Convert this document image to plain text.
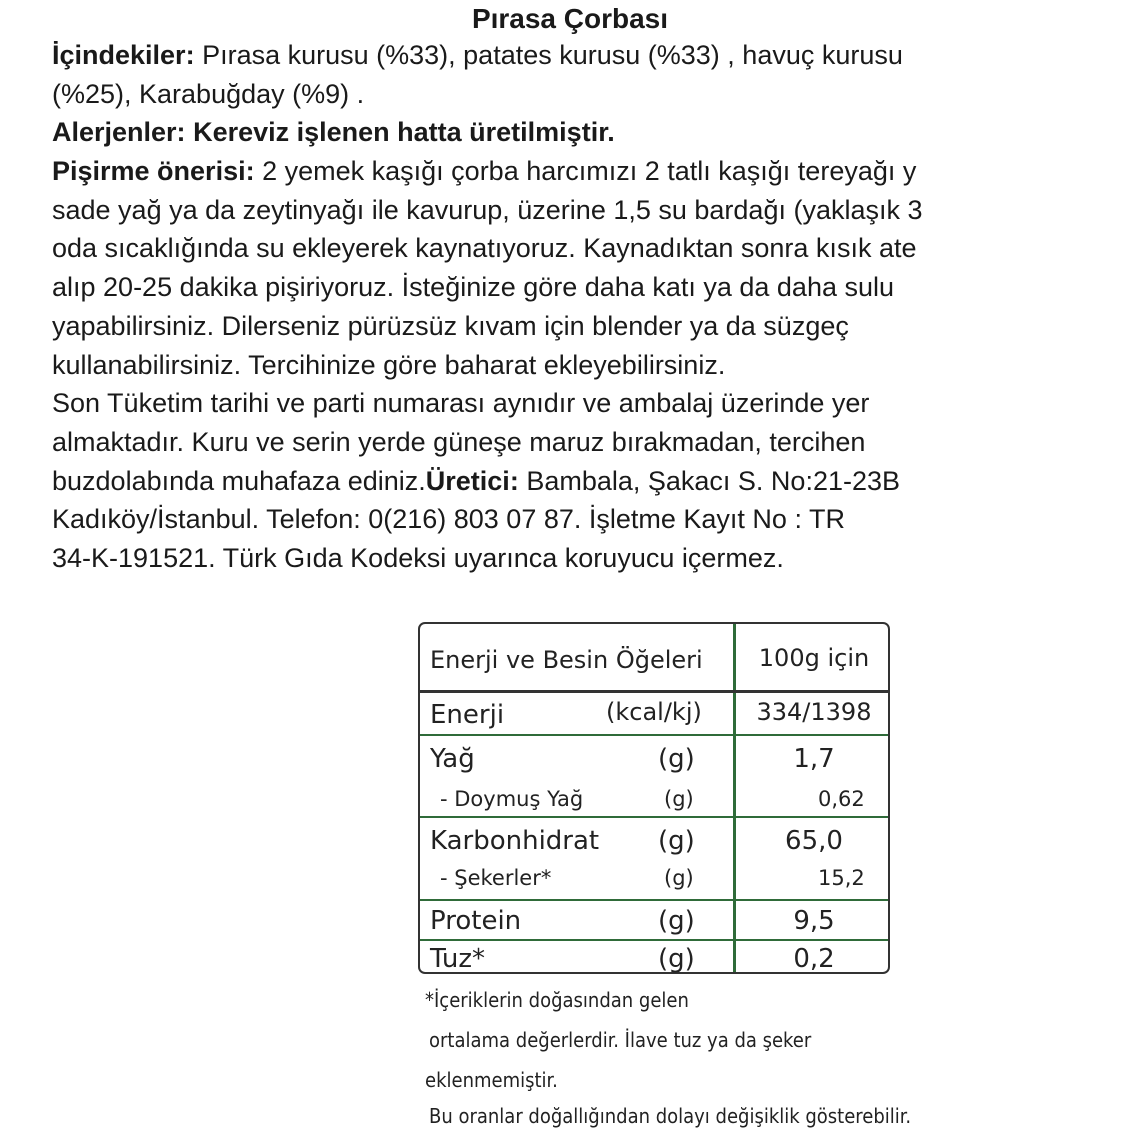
Pırasa Çorbası
İçindekiler: Pırasa kurusu (%33), patates kurusu (%33) , havuç kurusu
(%25), Karabuğday (%9) .
Alerjenler: Kereviz işlenen hatta üretilmiştir.
Pişirme önerisi: 2 yemek kaşığı çorba harcımızı 2 tatlı kaşığı tereyağı y
sade yağ ya da zeytinyağı ile kavurup, üzerine 1,5 su bardağı (yaklaşık 3
oda sıcaklığında su ekleyerek kaynatıyoruz. Kaynadıktan sonra kısık ate
alıp 20-25 dakika pişiriyoruz. İsteğinize göre daha katı ya da daha sulu
yapabilirsiniz. Dilerseniz pürüzsüz kıvam için blender ya da süzgeç
kullanabilirsiniz. Tercihinize göre baharat ekleyebilirsiniz.
Son Tüketim tarihi ve parti numarası aynıdır ve ambalaj üzerinde yer
almaktadır. Kuru ve serin yerde güneşe maruz bırakmadan, tercihen
buzdolabında muhafaza ediniz.Üretici: Bambala, Şakacı S. No:21-23B
Kadıköy/İstanbul. Telefon: 0(216) 803 07 87. İşletme Kayıt No : TR
34-K-191521. Türk Gıda Kodeksi uyarınca koruyucu içermez.
Enerji ve Besin Öğeleri	100g için
Enerji	(kcal/kj)	334/1398
Yağ	(g)	1,7
- Doymuş Yağ	(g)	0,62
Karbonhidrat (g)	65,0
- Şekerler*	(g)	15,2
Protein	(g)	9,5
Tuz*	(g)	0,2
*İçeriklerin doğasından gelen
ortalama değerlerdir. İlave tuz ya da şeker
eklenmemiştir.
Bu oranlar doğallığından dolayı değişiklik gösterebilir.
